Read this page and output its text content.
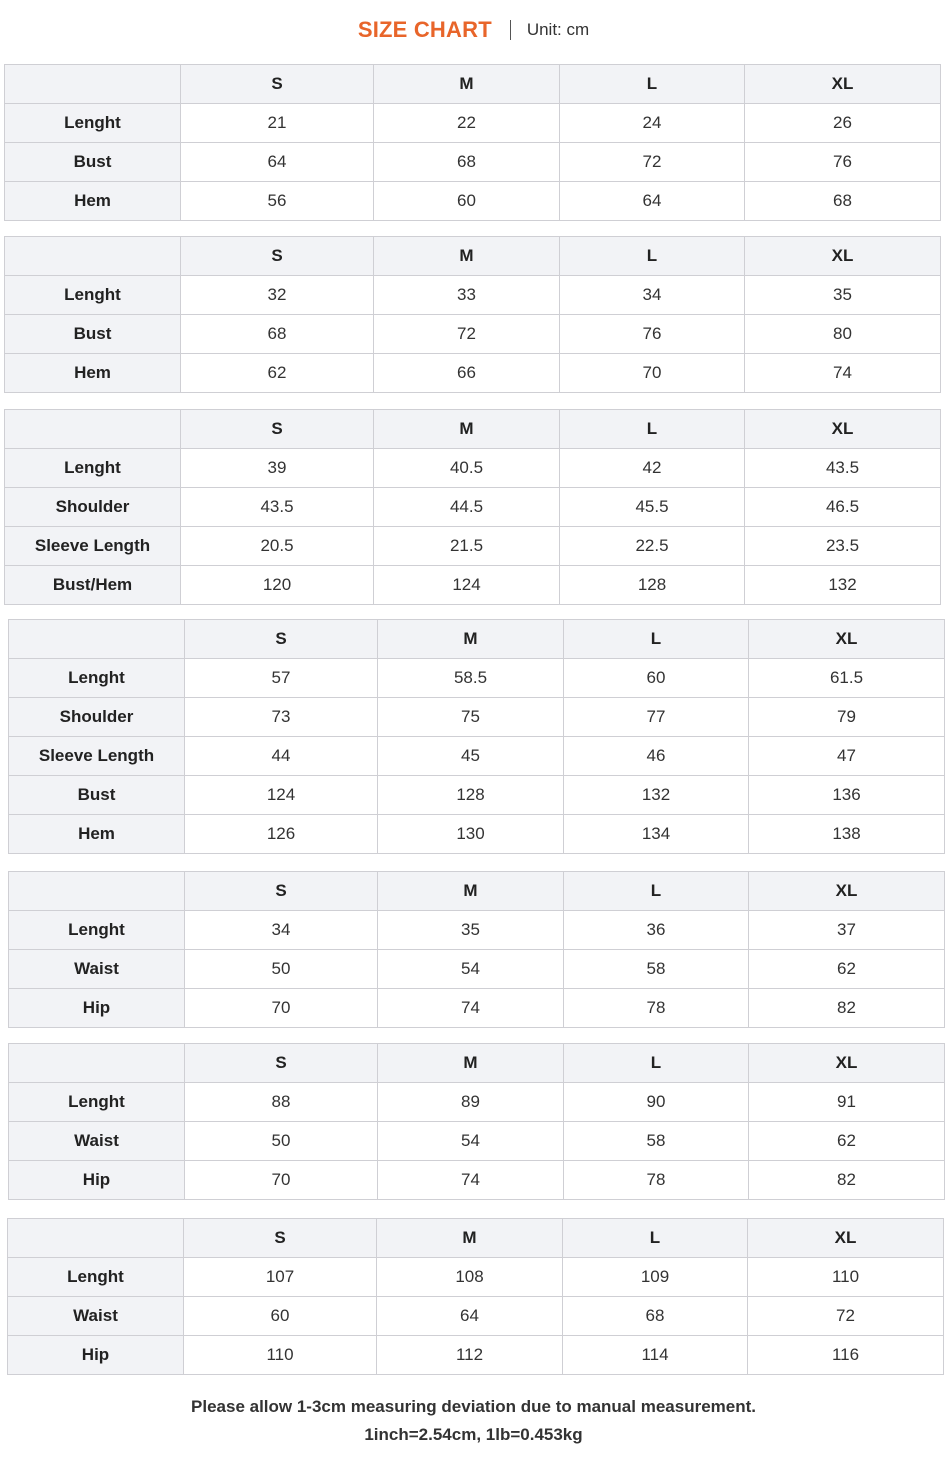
SIZE CHART Unit: cm
	S	M	L	XL
Lenght	21	22	24	26
Bust	64	68	72	76
Hem	56	60	64	68
	S	M	L	XL
Lenght	32	33	34	35
Bust	68	72	76	80
Hem	62	66	70	74
	S	M	L	XL
Lenght	39	40.5	42	43.5
Shoulder	43.5	44.5	45.5	46.5
Sleeve Length	20.5	21.5	22.5	23.5
Bust/Hem	120	124	128	132
	S	M	L	XL
Lenght	57	58.5	60	61.5
Shoulder	73	75	77	79
Sleeve Length	44	45	46	47
Bust	124	128	132	136
Hem	126	130	134	138
	S	M	L	XL
Lenght	34	35	36	37
Waist	50	54	58	62
Hip	70	74	78	82
	S	M	L	XL
Lenght	88	89	90	91
Waist	50	54	58	62
Hip	70	74	78	82
	S	M	L	XL
Lenght	107	108	109	110
Waist	60	64	68	72
Hip	110	112	114	116
Please allow 1-3cm measuring deviation due to manual measurement.
1inch=2.54cm, 1lb=0.453kg
